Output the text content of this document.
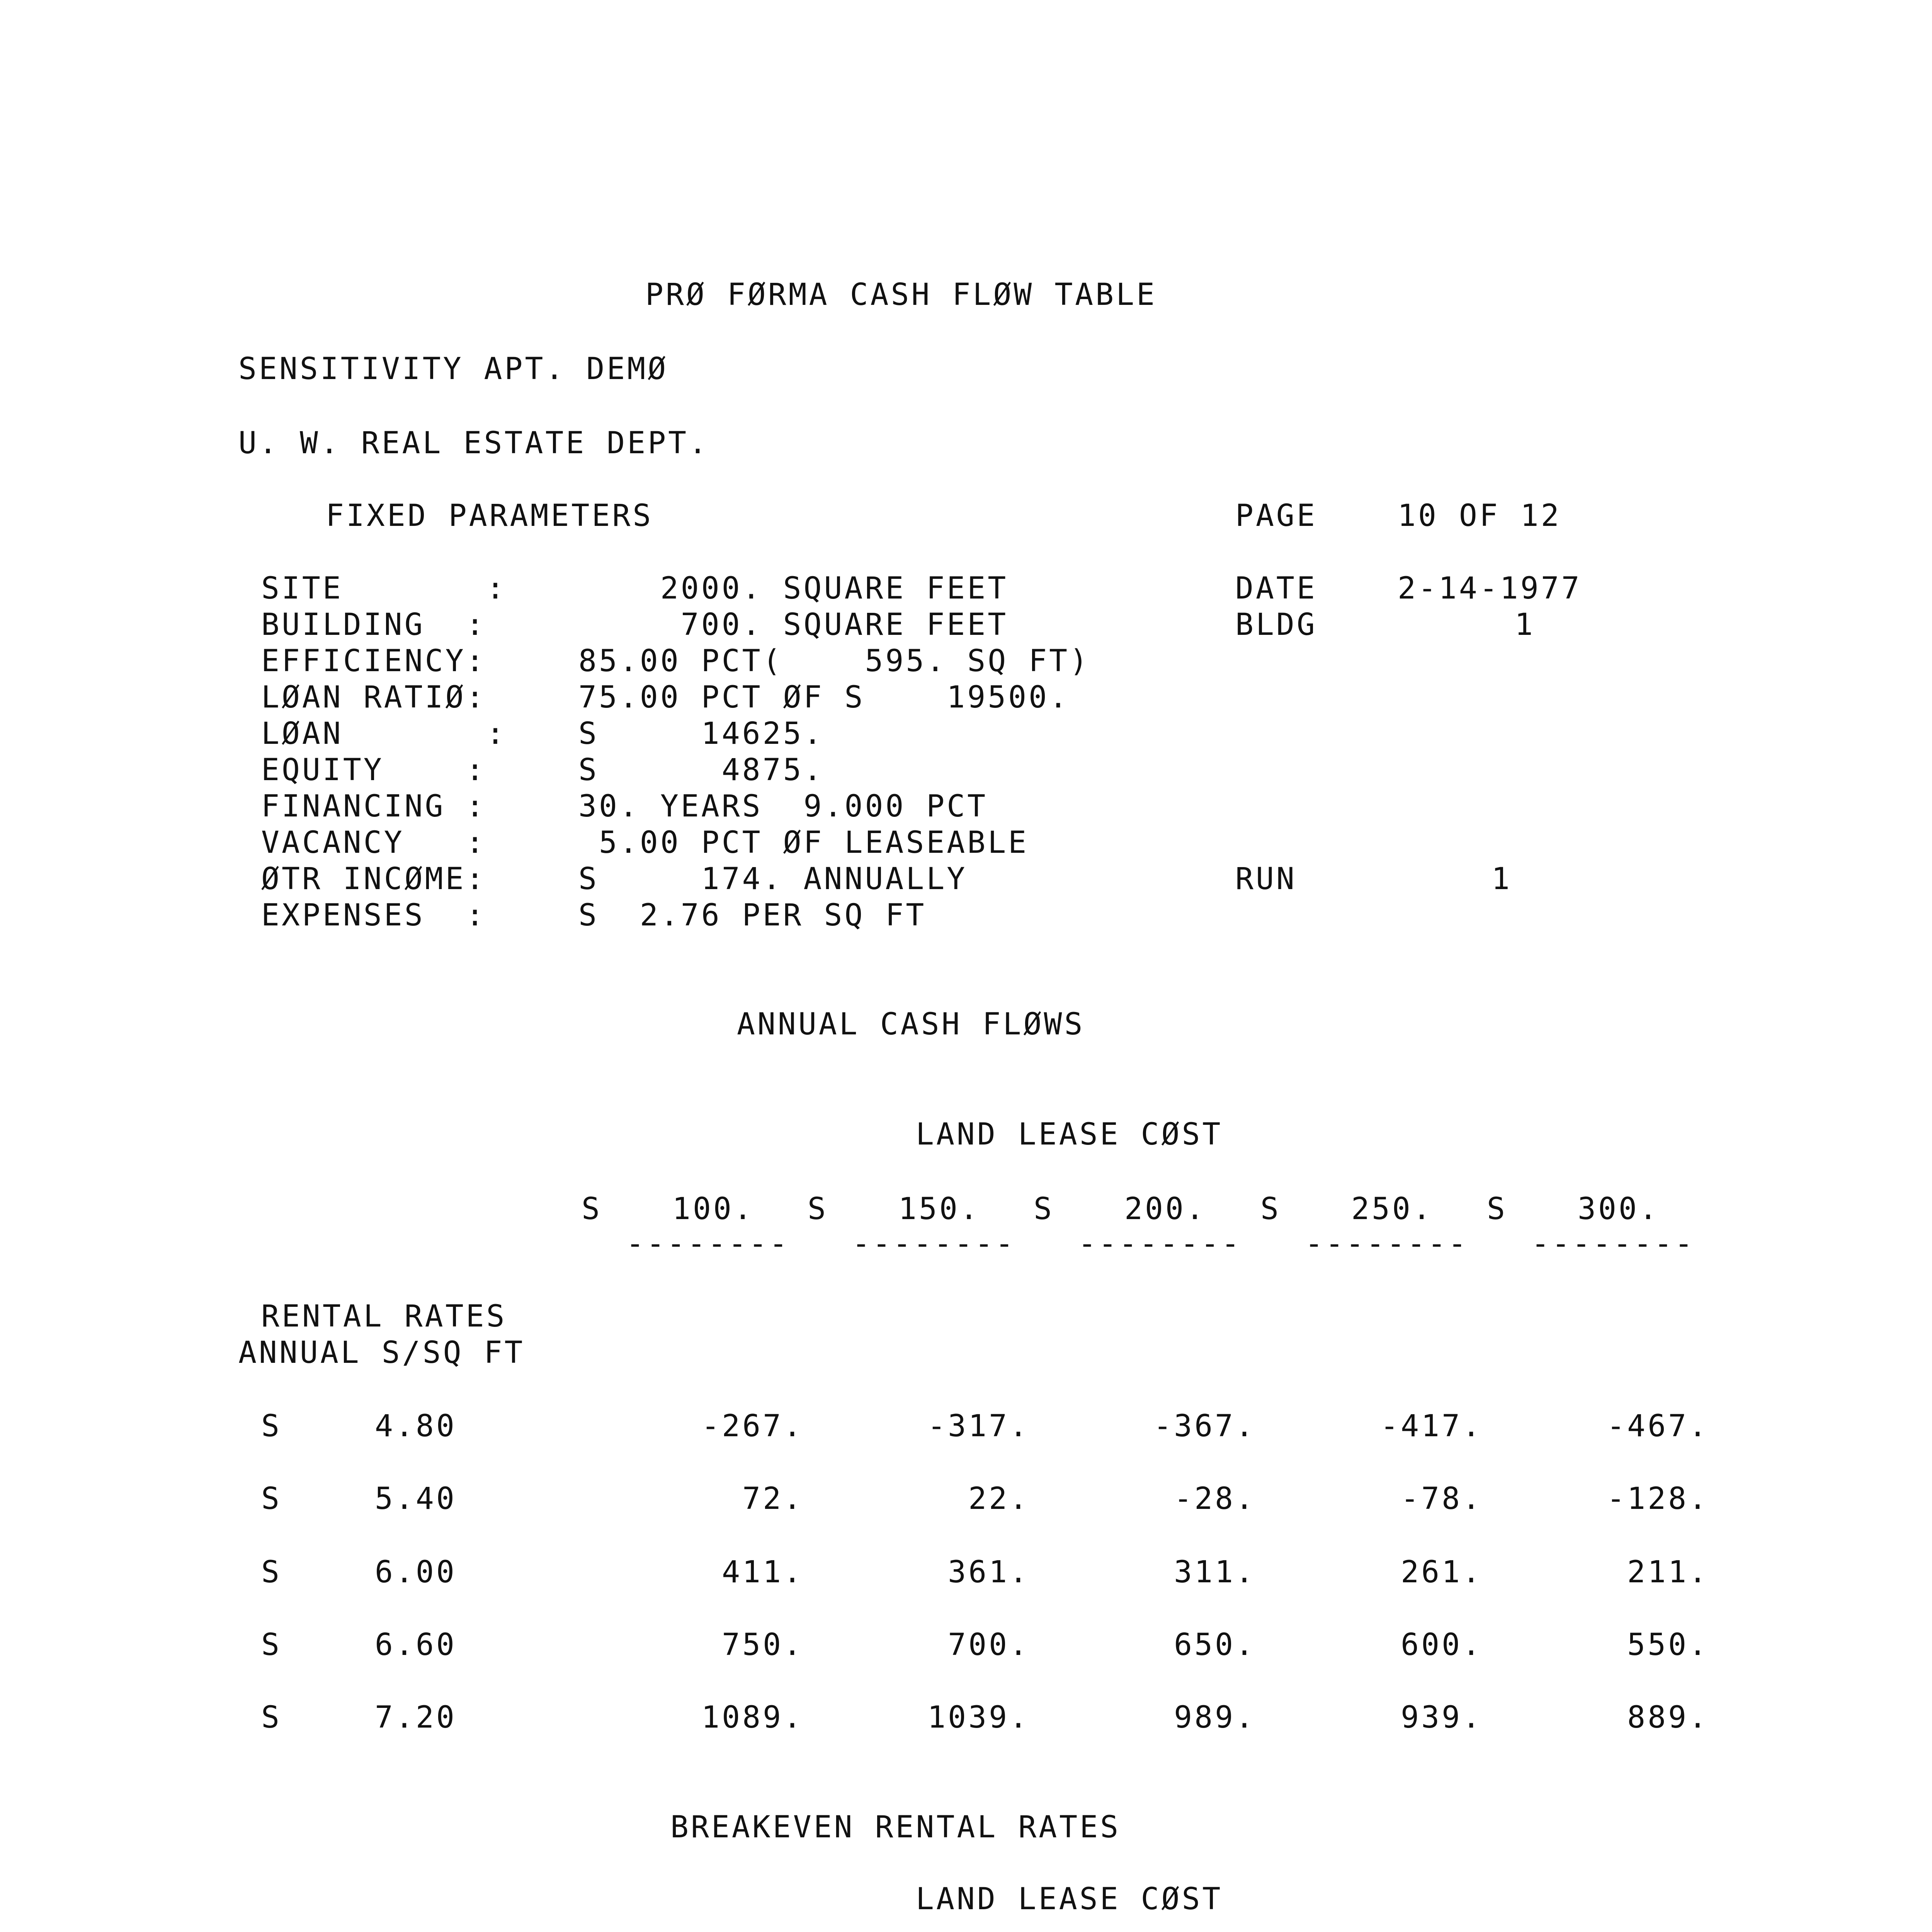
PRØ FØRMA CASH FLØW TABLE
SENSITIVITY APT. DEMØ
U. W. REAL ESTATE DEPT.
FIXED PARAMETERS	PAGE	10 OF 12
SITE       : 2000. SQUARE FEET
BUILDING  :	700. SQUARE FEET
EFFICIENCY:	85.00 PCT(    595. SQ FT)
LØAN RATIØ:	75.00 PCT ØF S    19500.
LØAN       : S     14625.
EQUITY    :	S      4875.
FINANCING :	30. YEARS  9.000 PCT
VACANCY   :	5.00 PCT ØF LEASEABLE
ØTR INCØME:	S     174. ANNUALLY
EXPENSES  :	S  2.76 PER SQ FT
DATE	2-14-1977
BLDG	1
RUN	1
ANNUAL CASH FLØWS
LAND LEASE CØST
S 100. S 150. S 200. S 250. S 300.
-------- -------- -------- -------- --------
RENTAL RATES
ANNUAL S/SQ FT
S	4.80	-267.	-317.	-367.	-417.	-467.
S	5.40	72.	22.	-28.	-78.	-128.
S	6.00	411.	361.	311.	261.	211.
S	6.60	750.	700.	650.	600.	550.
S	7.20	1089.	1039.	989.	939.	889.
BREAKEVEN RENTAL RATES
LAND LEASE CØST
